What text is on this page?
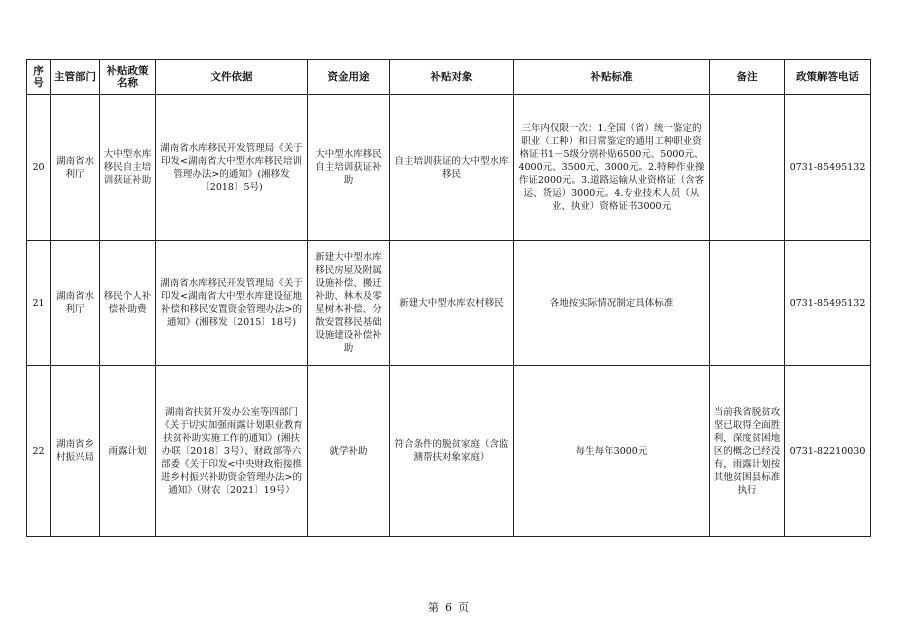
序号	主管部门	补贴政策名称	文件依据	资金用途	补贴对象	补贴标准	备注	政策解答电话
20	湖南省水利厅	大中型水库移民自主培训获证补助	湖南省水库移民开发管理局《关于印发<湖南省大中型水库移民培训管理办法>的通知》(湘移发〔2018〕5号)	大中型水库移民自主培训获证补助	自主培训获证的大中型水库移民	三年内仅限一次：1.全国（省）统一鉴定的职业（工种）和日常鉴定的通用工种职业资格证书1－5级分别补贴6500元、5000元、4000元、3500元、3000元。2.特种作业操作证2000元。3.道路运输从业资格证（含客运、货运）3000元。4.专业技术人员（从业、执业）资格证书3000元		0731-85495132
21	湖南省水利厅	移民个人补偿补助费	湖南省水库移民开发管理局《关于印发<湖南省大中型水库建设征地补偿和移民安置资金管理办法>的通知》(湘移发〔2015〕18号)	新建大中型水库移民房屋及附属设施补偿、搬迁补助、林木及零星树木补偿、分散安置移民基础设施建设补偿补助	新建大中型水库农村移民	各地按实际情况制定具体标准		0731-85495132
22	湖南省乡村振兴局	雨露计划	湖南省扶贫开发办公室等四部门《关于切实加强雨露计划职业教育扶贫补助实施工作的通知》(湘扶办联〔2018〕3号）、财政部等六部委《关于印发<中央财政衔接推进乡村振兴补助资金管理办法>的通知》（财农〔2021〕19号）	就学补助	符合条件的脱贫家庭（含监测帮扶对象家庭）	每生每年3000元	当前我省脱贫攻坚已取得全面胜利，深度贫困地区的概念已经没有，雨露计划按其他贫困县标准执行	0731-82210030
第 6 页
